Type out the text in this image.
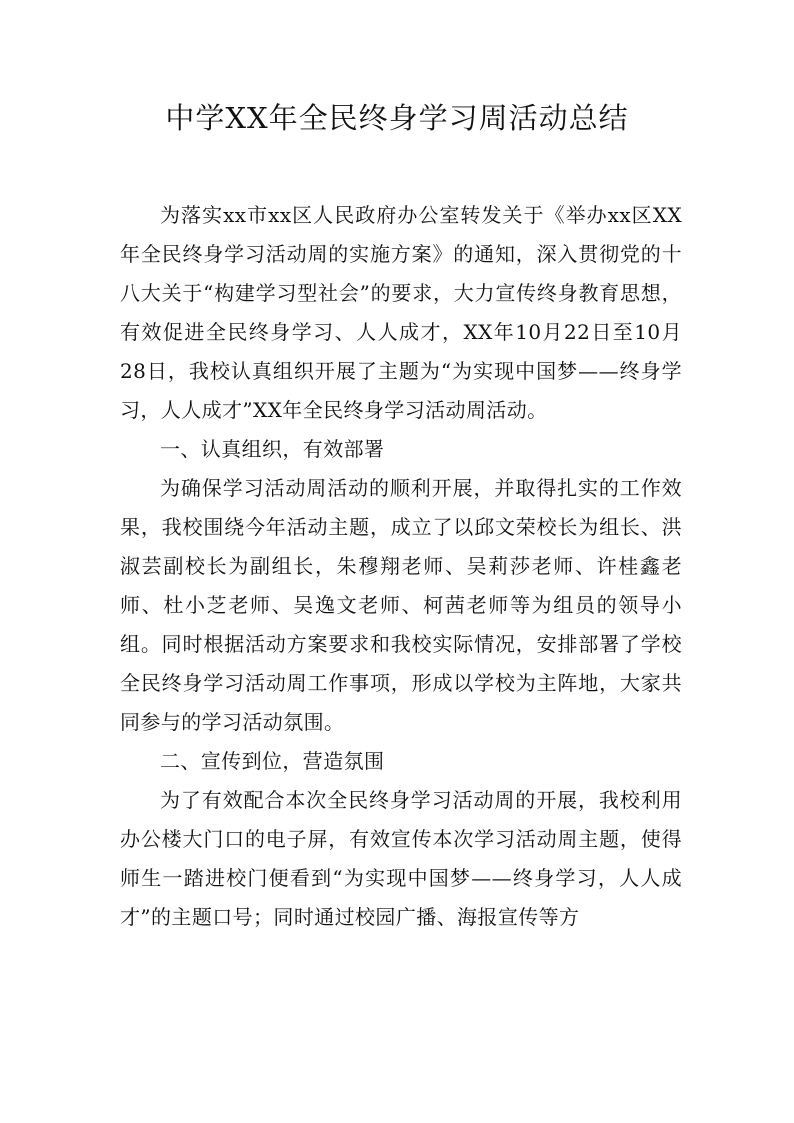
中学XX年全民终身学习周活动总结

为落实xx市xx区人民政府办公室转发关于《举办xx区XX年全民终身学习活动周的实施方案》的通知，深入贯彻党的十八大关于“构建学习型社会”的要求，大力宣传终身教育思想，有效促进全民终身学习、人人成才，XX年10月22日至10月28日，我校认真组织开展了主题为“为实现中国梦——终身学习，人人成才”XX年全民终身学习活动周活动。

一、认真组织，有效部署

为确保学习活动周活动的顺利开展，并取得扎实的工作效果，我校围绕今年活动主题，成立了以邱文荣校长为组长、洪淑芸副校长为副组长，朱穆翔老师、吴莉莎老师、许桂鑫老师、杜小芝老师、吴逸文老师、柯茜老师等为组员的领导小组。同时根据活动方案要求和我校实际情况，安排部署了学校全民终身学习活动周工作事项，形成以学校为主阵地，大家共同参与的学习活动氛围。

二、宣传到位，营造氛围

为了有效配合本次全民终身学习活动周的开展，我校利用办公楼大门口的电子屏，有效宣传本次学习活动周主题，使得师生一踏进校门便看到“为实现中国梦——终身学习，人人成才”的主题口号；同时通过校园广播、海报宣传等方
